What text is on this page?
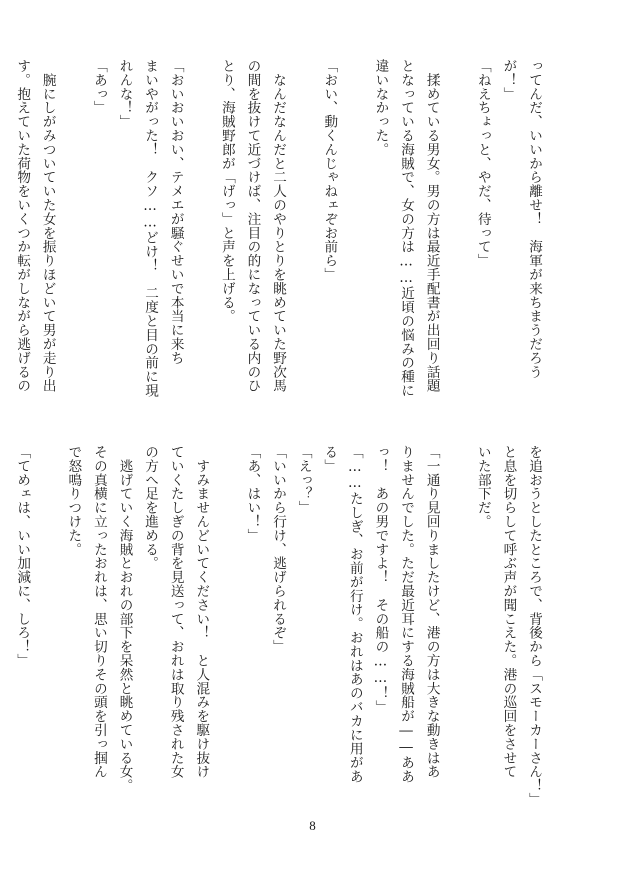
ってんだ、いいから離せ！　海軍が来ちまうだろう
が！」
「ねえちょっと、やだ、待って」

　揉めている男女。男の方は最近手配書が出回り話題
となっている海賊で、女の方は……近頃の悩みの種に
違いなかった。

「おい、動くんじゃねェぞお前ら」

　なんだなんだと二人のやりとりを眺めていた野次馬
の間を抜けて近づけば、注目の的になっている内のひ
とり、海賊野郎が「げっ」と声を上げる。

「おいおいおい、テメエが騒ぐせいで本当に来ち
まいやがった！　クソ……どけ！　二度と目の前に現
れんな！」
「あっ」

　腕にしがみついていた女を振りほどいて男が走り出
す。抱えていた荷物をいくつか転がしながら逃げるの
を追おうとしたところで、背後から「スモーカーさん！」
と息を切らして呼ぶ声が聞こえた。港の巡回をさせて
いた部下だ。

「一通り見回りましたけど、港の方は大きな動きはあ
りませんでした。ただ最近耳にする海賊船が――ああ
っ！　あの男ですよ！　その船の……！」
「……たしぎ、お前が行け。おれはあのバカに用があ
る」
「えっ？」
「いいから行け、逃げられるぞ」
「あ、はい！」

　すみませんどいてください！　と人混みを駆け抜け
ていくたしぎの背を見送って、おれは取り残された女
の方へ足を進める。
　逃げていく海賊とおれの部下を呆然と眺めている女。
その真横に立ったおれは、思い切りその頭を引っ掴ん
で怒鳴りつけた。

「てめェは、いい加減に、しろ！」
8
